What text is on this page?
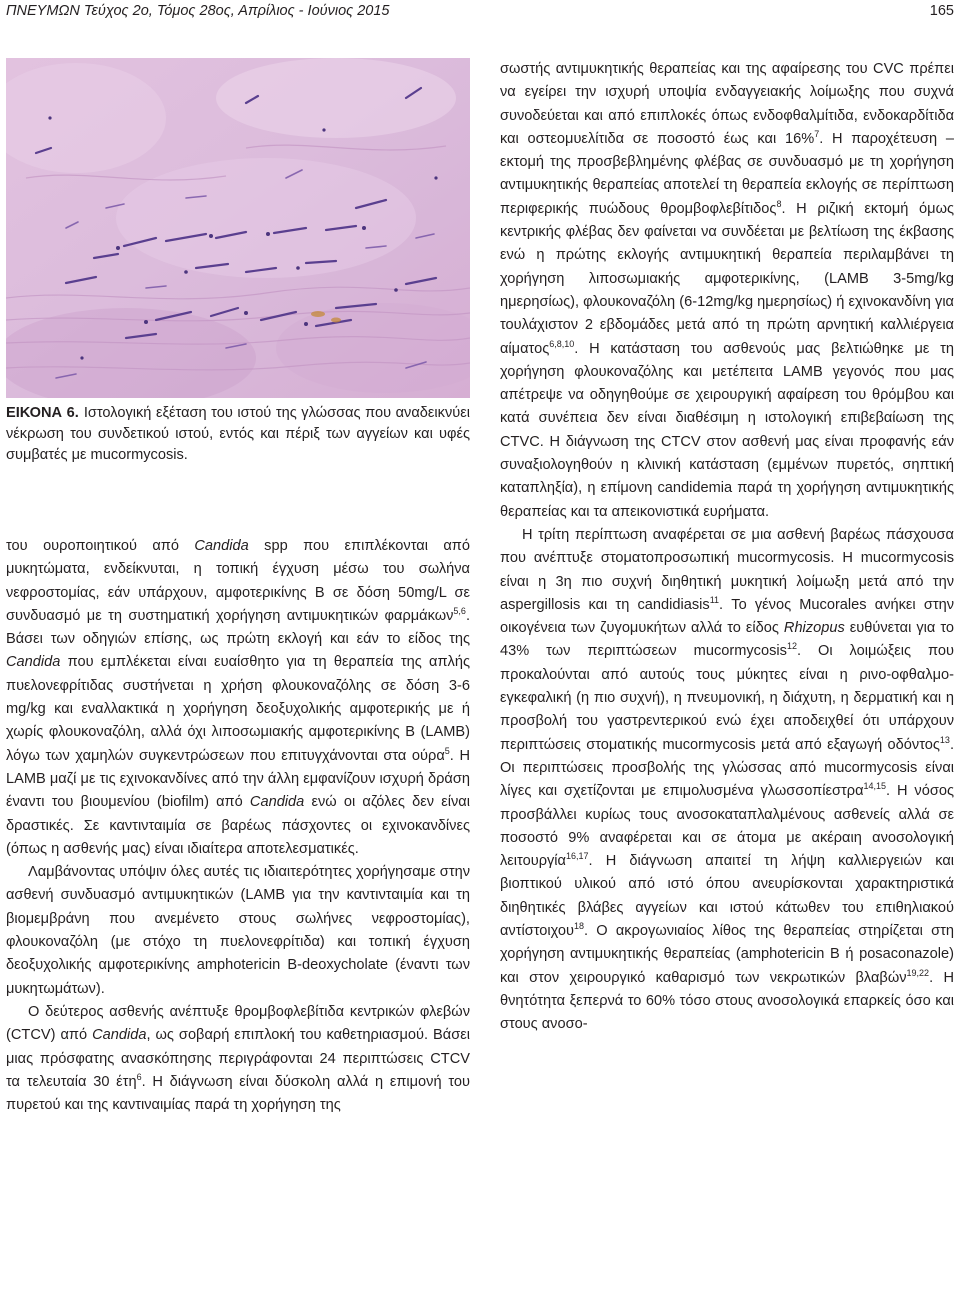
ΠΝΕΥΜΩΝ Τεύχος 2ο, Τόμος 28ος, Απρίλιος - Ιούνιος 2015	165
ΕΙΚΟΝΑ 6. Ιστολογική εξέταση του ιστού της γλώσσας που αναδεικνύει νέκρωση του συνδετικού ιστού, εντός και πέριξ των αγγείων και υφές συμβατές με mucormycosis.

του ουροποιητικού από Candida spp που επιπλέκονται από μυκητώματα, ενδείκνυται, η τοπική έγχυση μέσω του σωλήνα νεφροστομίας, εάν υπάρχουν, αμφοτερικίνης Β σε δόση 50mg/L σε συνδυασμό με τη συστηματική χορήγηση αντιμυκητικών φαρμάκων$^{5,6}$. Βάσει των οδηγιών επίσης, ως πρώτη εκλογή και εάν το είδος της Candida που εμπλέκεται είναι ευαίσθητο για τη θεραπεία της απλής πυελονεφρίτιδας συστήνεται η χρήση φλουκοναζόλης σε δόση 3-6 mg/kg και εναλλακτικά η χορήγηση δεοξυχολικής αμφοτερικής με ή χωρίς φλουκοναζόλη, αλλά όχι λιποσωμιακής αμφοτερικίνης Β (LAMB) λόγω των χαμηλών συγκεντρώσεων που επιτυγχάνονται στα ούρα$^5$. Η LAMB μαζί με τις εχινοκανδίνες από την άλλη εμφανίζουν ισχυρή δράση έναντι του βιουμενίου (biofilm) από Candida ενώ οι αζόλες δεν είναι δραστικές. Σε καντινταιμία σε βαρέως πάσχοντες οι εχινοκανδίνες (όπως η ασθενής μας) είναι ιδιαίτερα αποτελεσματικές.

Λαμβάνοντας υπόψιν όλες αυτές τις ιδιαιτερότητες χορήγησαμε στην ασθενή συνδυασμό αντιμυκητικών (LAMB για την καντινταιμία και τη βιομεμβράνη που ανεμένετο στους σωλήνες νεφροστομίας), φλουκοναζόλη (με στόχο τη πυελονεφρίτιδα) και τοπική έγχυση δεοξυχολικής αμφοτερικίνης amphotericin B-deoxycholate (έναντι των μυκητωμάτων).

Ο δεύτερος ασθενής ανέπτυξε θρομβοφλεβίτιδα κεντρικών φλεβών (CTCV) από Candida, ως σοβαρή επιπλοκή του καθετηριασμού. Βάσει μιας πρόσφατης ανασκόπησης περιγράφονται 24 περιπτώσεις CTCV τα τελευταία 30 έτη$^6$. Η διάγνωση είναι δύσκολη αλλά η επιμονή του πυρετού και της καντιναιμίας παρά τη χορήγηση της

σωστής αντιμυκητικής θεραπείας και της αφαίρεσης του CVC πρέπει να εγείρει την ισχυρή υποψία ενδαγγειακής λοίμωξης που συχνά συνοδεύεται και από επιπλοκές όπως ενδοφθαλμίτιδα, ενδοκαρδίτιδα και οστεομυελίτιδα σε ποσοστό έως και 16%$^7$. Η παροχέτευση – εκτομή της προσβεβλημένης φλέβας σε συνδυασμό με τη χορήγηση αντιμυκητικής θεραπείας αποτελεί τη θεραπεία εκλογής σε περίπτωση περιφερικής πυώδους θρομβοφλεβίτιδος$^8$. Η ριζική εκτομή όμως κεντρικής φλέβας δεν φαίνεται να συνδέεται με βελτίωση της έκβασης ενώ η πρώτης εκλογής αντιμυκητική θεραπεία περιλαμβάνει τη χορήγηση λιποσωμιακής αμφοτερικίνης, (LAMB 3-5mg/kg ημερησίως), φλουκοναζόλη (6-12mg/kg ημερησίως) ή εχινοκανδίνη για τουλάχιστον 2 εβδομάδες μετά από τη πρώτη αρνητική καλλιέργεια αίματος$^{6,8,10}$. Η κατάσταση του ασθενούς μας βελτιώθηκε με τη χορήγηση φλουκοναζόλης και μετέπειτα LAMB γεγονός που μας απέτρεψε να οδηγηθούμε σε χειρουργική αφαίρεση του θρόμβου και κατά συνέπεια δεν είναι διαθέσιμη η ιστολογική επιβεβαίωση της CTVC. Η διάγνωση της CTCV στον ασθενή μας είναι προφανής εάν συναξιολογηθούν η κλινική κατάσταση (εμμένων πυρετός, σηπτική καταπληξία), η επίμονη candidemia παρά τη χορήγηση αντιμυκητικής θεραπείας και τα απεικονιστικά ευρήματα.

Η τρίτη περίπτωση αναφέρεται σε μια ασθενή βαρέως πάσχουσα που ανέπτυξε στοματοπροσωπική mucormycosis. Η mucormycosis είναι η 3η πιο συχνή διηθητική μυκητική λοίμωξη μετά από την aspergillosis και τη candidiasis$^{11}$. Το γένος Mucorales ανήκει στην οικογένεια των ζυγομυκήτων αλλά το είδος Rhizopus ευθύνεται για το 43% των περιπτώσεων mucormycosis$^{12}$. Οι λοιμώξεις που προκαλούνται από αυτούς τους μύκητες είναι η ρινο-οφθαλμο-εγκεφαλική (η πιο συχνή), η πνευμονική, η διάχυτη, η δερματική και η προσβολή του γαστρεντερικού ενώ έχει αποδειχθεί ότι υπάρχουν περιπτώσεις στοματικής mucormycosis μετά από εξαγωγή οδόντος$^{13}$. Οι περιπτώσεις προσβολής της γλώσσας από mucormycosis είναι λίγες και σχετίζονται με επιμολυσμένα γλωσσοπίεστρα$^{14,15}$. Η νόσος προσβάλλει κυρίως τους ανοσοκαταπλαλμένους ασθενείς αλλά σε ποσοστό 9% αναφέρεται και σε άτομα με ακέραιη ανοσολογική λειτουργία$^{16,17}$. Η διάγνωση απαιτεί τη λήψη καλλιεργειών και βιοπτικού υλικού από ιστό όπου ανευρίσκονται χαρακτηριστικά διηθητικές βλάβες αγγείων και ιστού κάτωθεν του επιθηλιακού αντίστοιχου$^{18}$. Ο ακρογωνιαίος λίθος της θεραπείας στηρίζεται στη χορήγηση αντιμυκητικής θεραπείας (amphotericin B ή posaconazole) και στον χειρουργικό καθαρισμό των νεκρωτικών βλαβών$^{19,22}$. Η θνητότητα ξεπερνά το 60% τόσο στους ανοσολογικά επαρκείς όσο και στους ανοσο-
